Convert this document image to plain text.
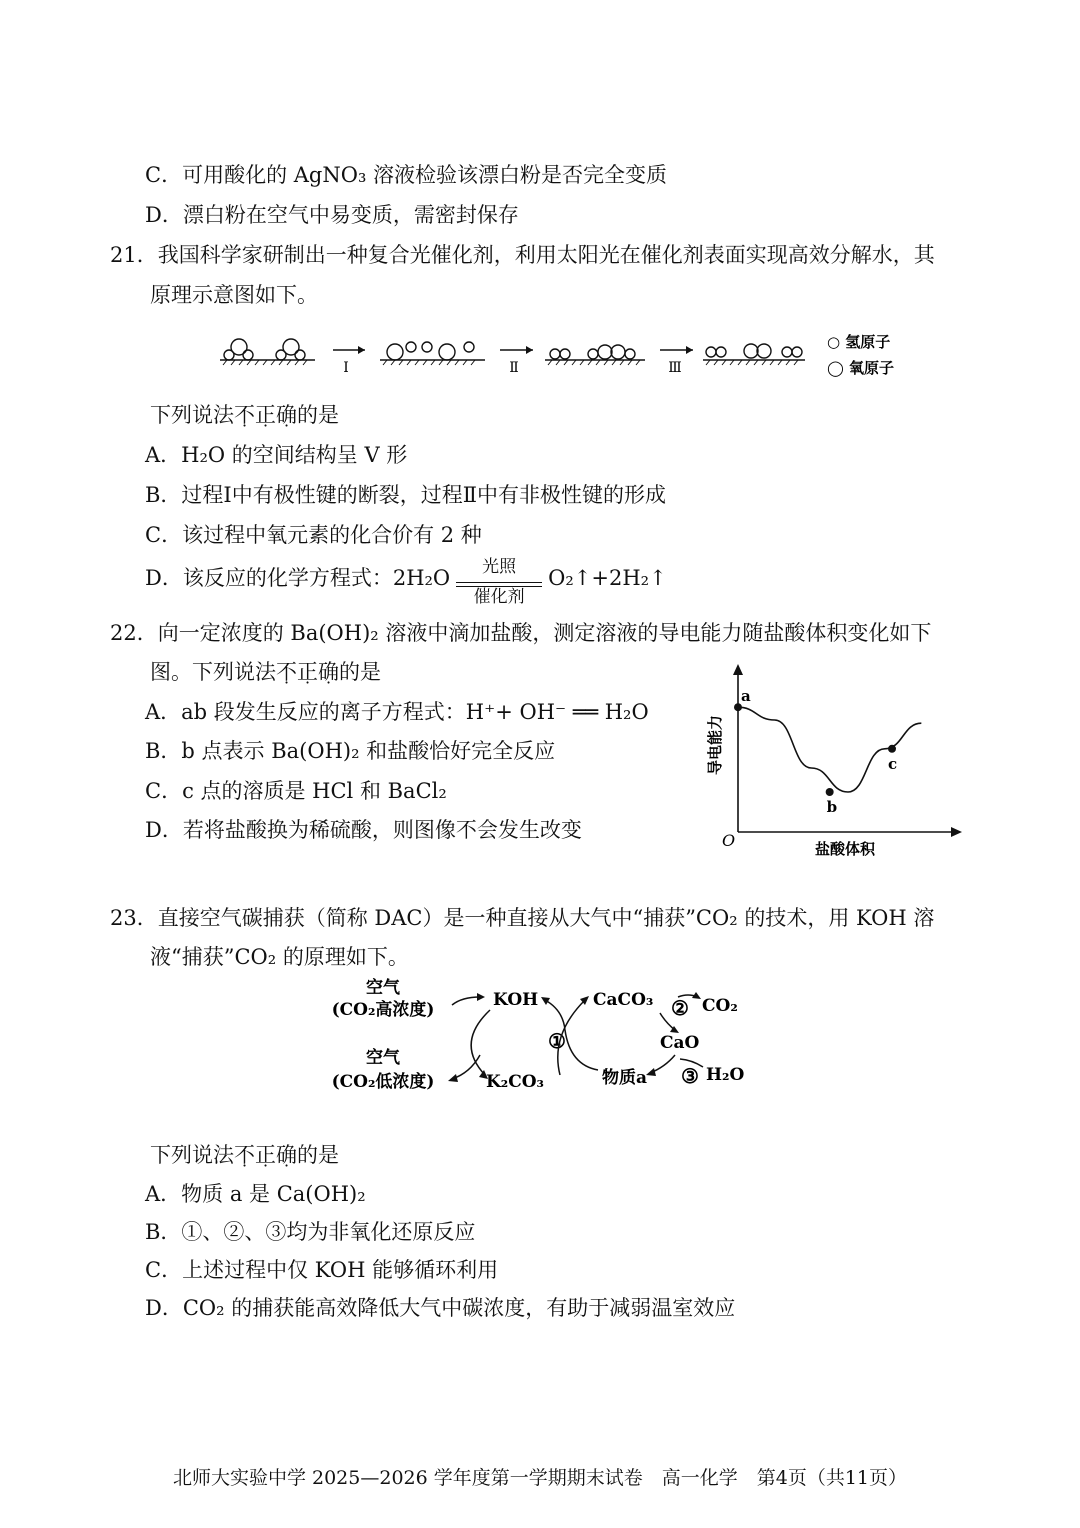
C．可用酸化的 AgNO₃ 溶液检验该漂白粉是否完全变质
D．漂白粉在空气中易变质，需密封保存
21．我国科学家研制出一种复合光催化剂，利用太阳光在催化剂表面实现高效分解水，其
原理示意图如下。
Ⅰ	Ⅱ	Ⅲ
○ 氢原子
◯ 氧原子
下列说法不正确的是
A．H₂O 的空间结构呈 V 形
B．过程Ⅰ中有极性键的断裂，过程Ⅱ中有非极性键的形成
C．该过程中氧元素的化合价有 2 种
D．该反应的化学方程式：$2H_2O \frac{\text{光照}}{\text{催化剂}}$ O₂↑+2H₂↑
22．向一定浓度的 Ba(OH)₂ 溶液中滴加盐酸，测定溶液的导电能力随盐酸体积变化如下
图。下列说法不正确的是
A．ab 段发生反应的离子方程式：H⁺+ OH⁻ ══ H₂O
B．b 点表示 Ba(OH)₂ 和盐酸恰好完全反应
C．c 点的溶质是 HCl 和 BaCl₂
D．若将盐酸换为稀硫酸，则图像不会发生改变	O	盐酸体积
导电能力
a
b
c
23．直接空气碳捕获（简称 DAC）是一种直接从大气中“捕获”CO₂ 的技术，用 KOH 溶
液“捕获”CO₂ 的原理如下。
空气
(CO₂高浓度)
空气
(CO₂低浓度)
KOH
K₂CO₃
CaCO₃	CO₂
CaO
物质a	H₂O
①
②
③
下列说法不正确的是
A．物质 a 是 Ca(OH)₂
B．①、②、③均为非氧化还原反应
C．上述过程中仅 KOH 能够循环利用
D．CO₂ 的捕获能高效降低大气中碳浓度，有助于减弱温室效应
北师大实验中学 2025—2026 学年度第一学期期末试卷　高一化学　第4页（共11页）
